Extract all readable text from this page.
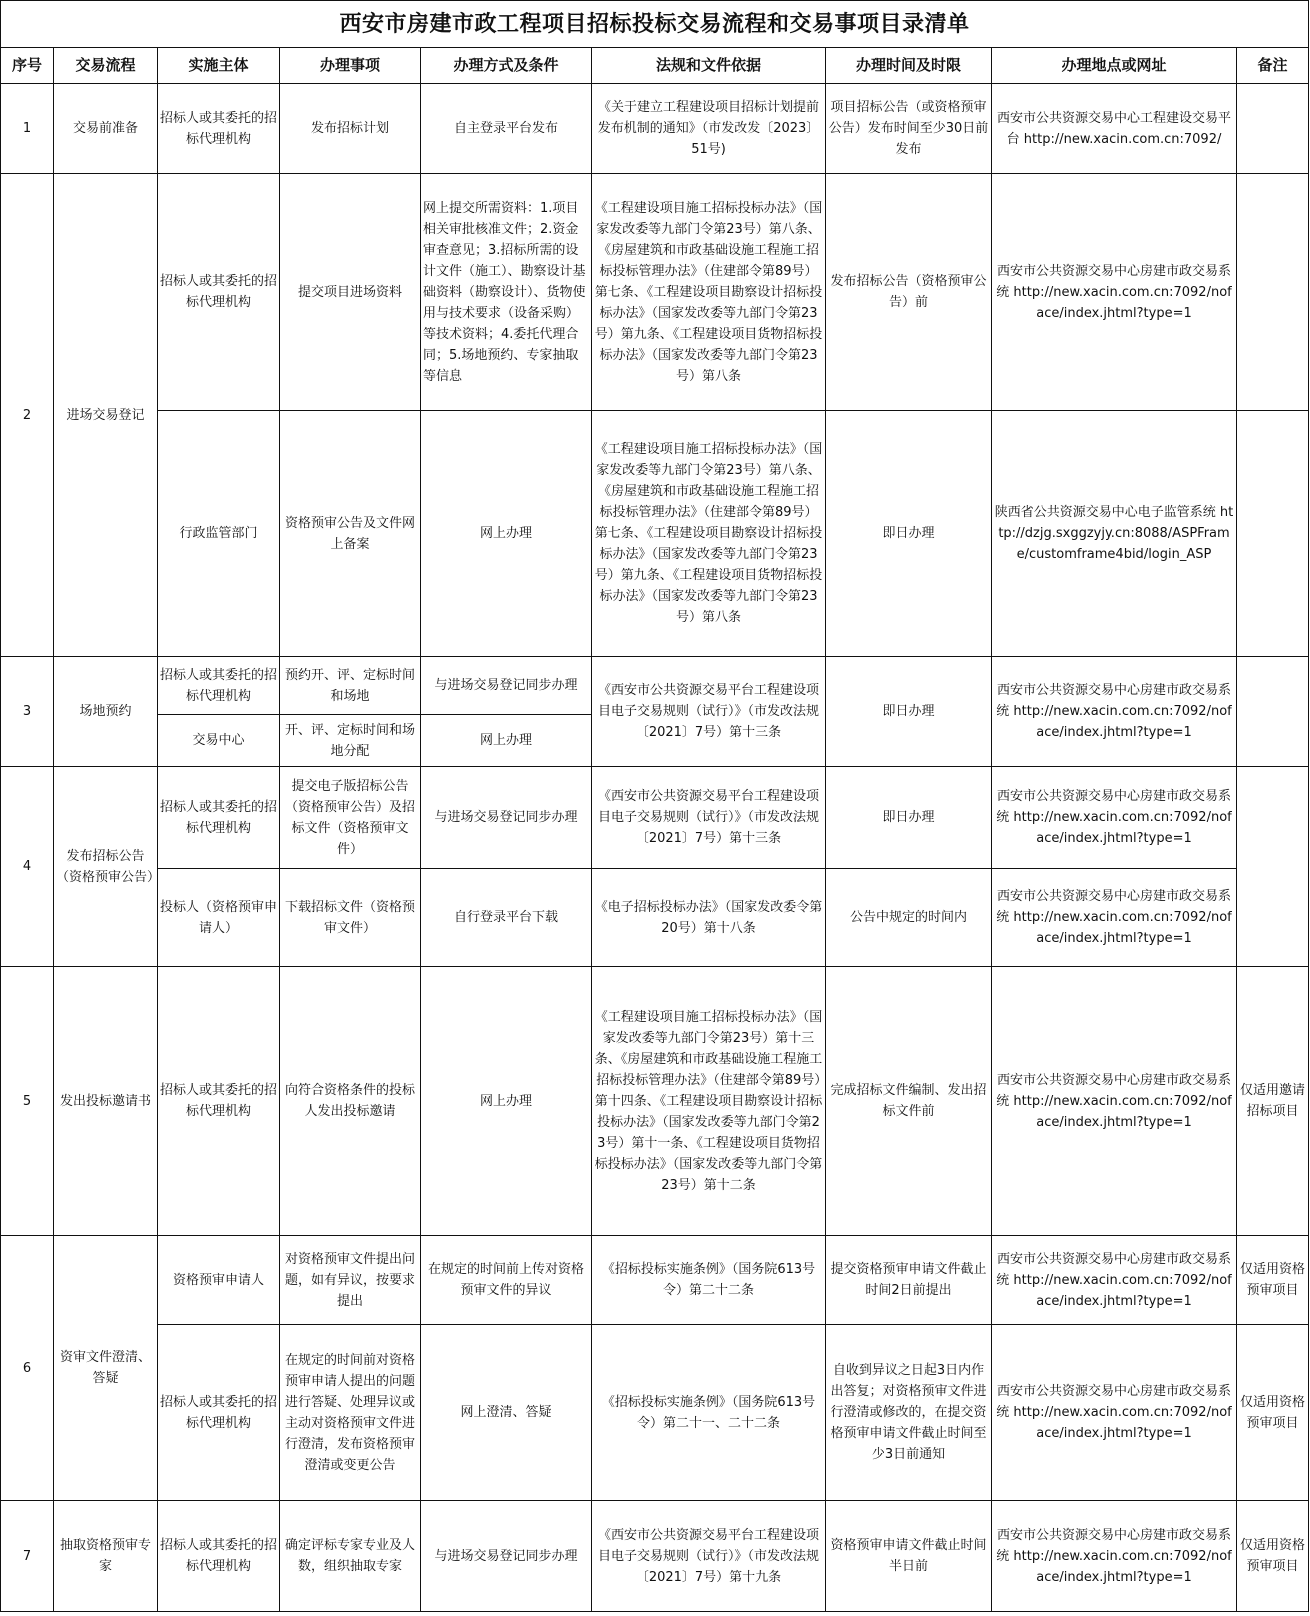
西安市房建市政工程项目招标投标交易流程和交易事项目录清单								
序号	交易流程	实施主体	办理事项	办理方式及条件	法规和文件依据	办理时间及时限	办理地点或网址	备注
1	交易前准备	招标人或其委托的招标代理机构	发布招标计划	自主登录平台发布	《关于建立工程建设项目招标计划提前发布机制的通知》（市发改发〔2023〕51号)	项目招标公告（或资格预审公告）发布时间至少30日前发布	西安市公共资源交易中心工程建设交易平台 http://new.xacin.com.cn:7092/	
2	进场交易登记	招标人或其委托的招标代理机构	提交项目进场资料	网上提交所需资料：1.项目相关审批核准文件；2.资金审查意见；3.招标所需的设计文件（施工）、勘察设计基础资料（勘察设计）、货物使用与技术要求（设备采购）等技术资料；4.委托代理合同；5.场地预约、专家抽取等信息	《工程建设项目施工招标投标办法》（国家发改委等九部门令第23号）第八条、《房屋建筑和市政基础设施工程施工招标投标管理办法》（住建部令第89号）第七条、《工程建设项目勘察设计招标投标办法》（国家发改委等九部门令第23号）第九条、《工程建设项目货物招标投标办法》（国家发改委等九部门令第23号）第八条	发布招标公告（资格预审公告）前	西安市公共资源交易中心房建市政交易系统 http://new.xacin.com.cn:7092/noface/index.jhtml?type=1	
		行政监管部门	资格预审公告及文件网上备案	网上办理	《工程建设项目施工招标投标办法》（国家发改委等九部门令第23号）第八条、《房屋建筑和市政基础设施工程施工招标投标管理办法》（住建部令第89号）第七条、《工程建设项目勘察设计招标投标办法》（国家发改委等九部门令第23号）第九条、《工程建设项目货物招标投标办法》（国家发改委等九部门令第23号）第八条	即日办理	陕西省公共资源交易中心电子监管系统 http://dzjg.sxggzyjy.cn:8088/ASPFrame/customframe4bid/login_ASP	
3	场地预约	招标人或其委托的招标代理机构	预约开、评、定标时间和场地	与进场交易登记同步办理	《西安市公共资源交易平台工程建设项目电子交易规则（试行）》（市发改法规〔2021〕7号）第十三条	即日办理	西安市公共资源交易中心房建市政交易系统 http://new.xacin.com.cn:7092/noface/index.jhtml?type=1	
		交易中心	开、评、定标时间和场地分配	网上办理				
4	发布招标公告（资格预审公告）	招标人或其委托的招标代理机构	提交电子版招标公告（资格预审公告）及招标文件（资格预审文件）	与进场交易登记同步办理	《西安市公共资源交易平台工程建设项目电子交易规则（试行）》（市发改法规〔2021〕7号）第十三条	即日办理	西安市公共资源交易中心房建市政交易系统 http://new.xacin.com.cn:7092/noface/index.jhtml?type=1	
		投标人（资格预审申请人）	下载招标文件（资格预审文件）	自行登录平台下载	《电子招标投标办法》（国家发改委令第20号）第十八条	公告中规定的时间内	西安市公共资源交易中心房建市政交易系统 http://new.xacin.com.cn:7092/noface/index.jhtml?type=1	
5	发出投标邀请书	招标人或其委托的招标代理机构	向符合资格条件的投标人发出投标邀请	网上办理	《工程建设项目施工招标投标办法》（国家发改委等九部门令第23号）第十三条、《房屋建筑和市政基础设施工程施工招标投标管理办法》（住建部令第89号）第十四条、《工程建设项目勘察设计招标投标办法》（国家发改委等九部门令第23号）第十一条、《工程建设项目货物招标投标办法》（国家发改委等九部门令第23号）第十二条	完成招标文件编制、发出招标文件前	西安市公共资源交易中心房建市政交易系统 http://new.xacin.com.cn:7092/noface/index.jhtml?type=1	仅适用邀请招标项目
6	资审文件澄清、答疑	资格预审申请人	对资格预审文件提出问题，如有异议，按要求提出	在规定的时间前上传对资格预审文件的异议	《招标投标实施条例》（国务院613号令）第二十二条	提交资格预审申请文件截止时间2日前提出	西安市公共资源交易中心房建市政交易系统 http://new.xacin.com.cn:7092/noface/index.jhtml?type=1	仅适用资格预审项目
		招标人或其委托的招标代理机构	在规定的时间前对资格预审申请人提出的问题进行答疑、处理异议或主动对资格预审文件进行澄清，发布资格预审澄清或变更公告	网上澄清、答疑	《招标投标实施条例》（国务院613号令）第二十一、二十二条	自收到异议之日起3日内作出答复；对资格预审文件进行澄清或修改的，在提交资格预审申请文件截止时间至少3日前通知	西安市公共资源交易中心房建市政交易系统 http://new.xacin.com.cn:7092/noface/index.jhtml?type=1	仅适用资格预审项目
7	抽取资格预审专家	招标人或其委托的招标代理机构	确定评标专家专业及人数，组织抽取专家	与进场交易登记同步办理	《西安市公共资源交易平台工程建设项目电子交易规则（试行）》（市发改法规〔2021〕7号）第十九条	资格预审申请文件截止时间半日前	西安市公共资源交易中心房建市政交易系统 http://new.xacin.com.cn:7092/noface/index.jhtml?type=1	仅适用资格预审项目
